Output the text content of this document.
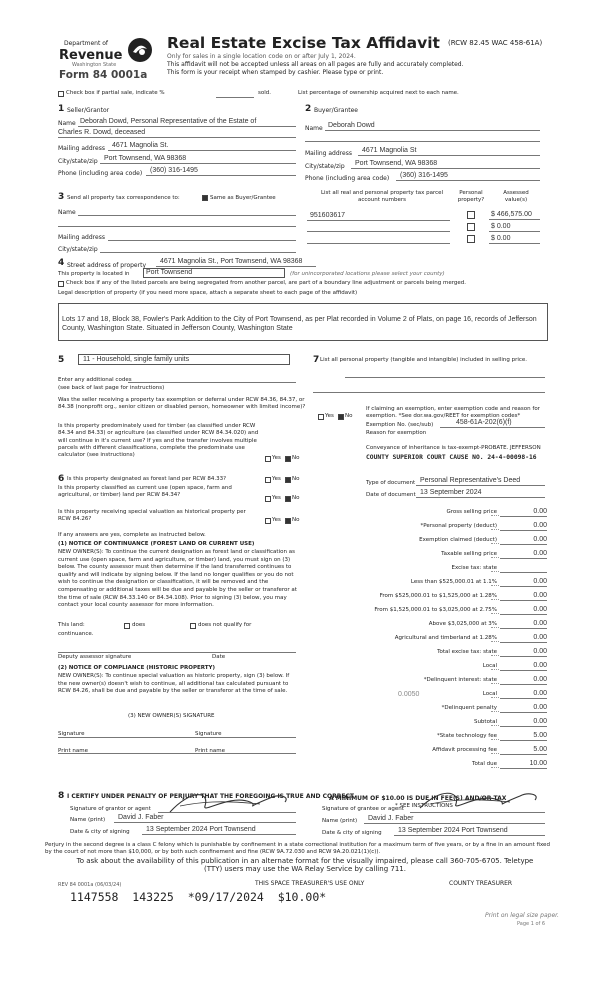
Department of
Revenue
Washington State
Form 84 0001a
Real Estate Excise Tax Affidavit (RCW 82.45 WAC 458-61A)
Only for sales in a single location code on or after July 1, 2024.
This affidavit will not be accepted unless all areas on all pages are fully and accurately completed.
This form is your receipt when stamped by cashier. Please type or print.
Check box if partial sale, indicate %	sold.	List percentage of ownership acquired next to each name.
1 Seller/Grantor
Name Deborah Dowd, Personal Representative of the Estate of
Charles R. Dowd, deceased
Mailing address 4671 Magnolia St.
City/state/zip Port Townsend, WA 98368
Phone (including area code) (360) 316-1495
2 Buyer/Grantee
Name Deborah Dowd
Mailing address 4671 Magnolia St
City/state/zip Port Townsend, WA 98368
Phone (including area code) (360) 316-1495
3 Send all property tax correspondence to:	Same as Buyer/Grantee
Name
Mailing address
City/state/zip
List all real and personal property tax parcel account numbers
Personal property?
Assessed value(s)
951603617	$ 466,575.00
$ 0.00
$ 0.00
4 Street address of property
4671 Magnolia St., Port Townsend, WA 98368
This property is located in Port Townsend	(for unincorporated locations please select your county)
Check box if any of the listed parcels are being segregated from another parcel, are part of a boundary line adjustment or parcels being merged.
Legal description of property (if you need more space, attach a separate sheet to each page of the affidavit)
Lots 17 and 18, Block 38, Fowler's Park Addition to the City of Port Townsend, as per Plat recorded in Volume 2 of Plats, on page 16, records of Jefferson County, Washington State. Situated in Jefferson County, Washington State
5	11 - Household, single family units
Enter any additional codes
(see back of last page for instructions)
Was the seller receiving a property tax exemption or deferral under RCW 84.36, 84.37, or 84.38 (nonprofit org., senior citizen or disabled person, homeowner with limited income)?
Yes No
Is this property predominately used for timber (as classified under RCW 84.34 and 84.33) or agriculture (as classified under RCW 84.34.020) and will continue in it's current use? If yes and the transfer involves multiple parcels with different classifications, complete the predominate use calculator (see instructions)	Yes No
6 Is this property designated as forest land per RCW 84.33?	Yes No
Is this property classified as current use (open space, farm and agricultural, or timber) land per RCW 84.34?	Yes No
Is this property receiving special valuation as historical property per RCW 84.26?	Yes No
If any answers are yes, complete as instructed below.
(1) NOTICE OF CONTINUANCE (FOREST LAND OR CURRENT USE)
NEW OWNER(S): To continue the current designation as forest land or classification as current use (open space, farm and agriculture, or timber) land, you must sign on (3) below. The county assessor must then determine if the land transferred continues to qualify and will indicate by signing below. If the land no longer qualifies or you do not wish to continue the designation or classification, it will be removed and the compensating or additional taxes will be due and payable by the seller or transferor at the time of sale (RCW 84.33.140 or 84.34.108). Prior to signing (3) below, you may contact your local county assessor for more information.
This land:	does	does not qualify for
continuance.
Deputy assessor signature	Date
(2) NOTICE OF COMPLIANCE (HISTORIC PROPERTY)
NEW OWNER(S): To continue special valuation as historic property, sign (3) below. If the new owner(s) doesn't wish to continue, all additional tax calculated pursuant to RCW 84.26, shall be due and payable by the seller or transferor at the time of sale.
(3) NEW OWNER(S) SIGNATURE
Signature	Signature
Print name	Print name
7 List all personal property (tangible and intangible) included in selling price.
If claiming an exemption, enter exemption code and reason for exemption. *See dor.wa.gov/REET for exemption codes*
Exemption No. (sec/sub)	458-61A-202(6)(f)
Reason for exemption
Conveyance of inheritance is tax-exempt-PROBATE. JEFFERSON
COUNTY SUPERIOR COURT CAUSE NO. 24-4-00098-16
Type of document Personal Representative's Deed
Date of document 13 September 2024
Gross selling price	0.00
*Personal property (deduct)	0.00
Exemption claimed (deduct)	0.00
Taxable selling price	0.00
Excise tax: state
Less than $525,000.01 at 1.1%	0.00
From $525,000.01 to $1,525,000 at 1.28%	0.00
From $1,525,000.01 to $3,025,000 at 2.75%	0.00
Above $3,025,000 at 3%	0.00
Agricultural and timberland at 1.28%	0.00
Total excise tax: state	0.00
Local	0.00
*Delinquent interest: state	0.00
Local	0.00
*Delinquent penalty	0.00
Subtotal	0.00
*State technology fee	5.00
Affidavit processing fee	5.00
Total due	10.00
0.0050
A MINIMUM OF $10.00 IS DUE IN FEE(S) AND/OR TAX
* SEE INSTRUCTIONS
8 I CERTIFY UNDER PENALTY OF PERJURY THAT THE FOREGOING IS TRUE AND CORRECT
Signature of grantor or agent
Name (print) David J. Faber
Date & city of signing 13 September 2024 Port Townsend
Signature of grantee or agent
Name (print) David J. Faber
Date & city of signing 13 September 2024 Port Townsend
Perjury in the second degree is a class C felony which is punishable by confinement in a state correctional institution for a maximum term of five years, or by a fine in an amount fixed by the court of not more than $10,000, or by both such confinement and fine (RCW 9A.72.030 and RCW 9A.20.021(1)(c)).
To ask about the availability of this publication in an alternate format for the visually impaired, please call 360-705-6705. Teletype (TTY) users may use the WA Relay Service by calling 711.
REV 84 0001a (06/03/24)	THIS SPACE TREASURER'S USE ONLY	COUNTY TREASURER
1147558  143225  *09/17/2024  $10.00*
Print on legal size paper.
Page 1 of 6
